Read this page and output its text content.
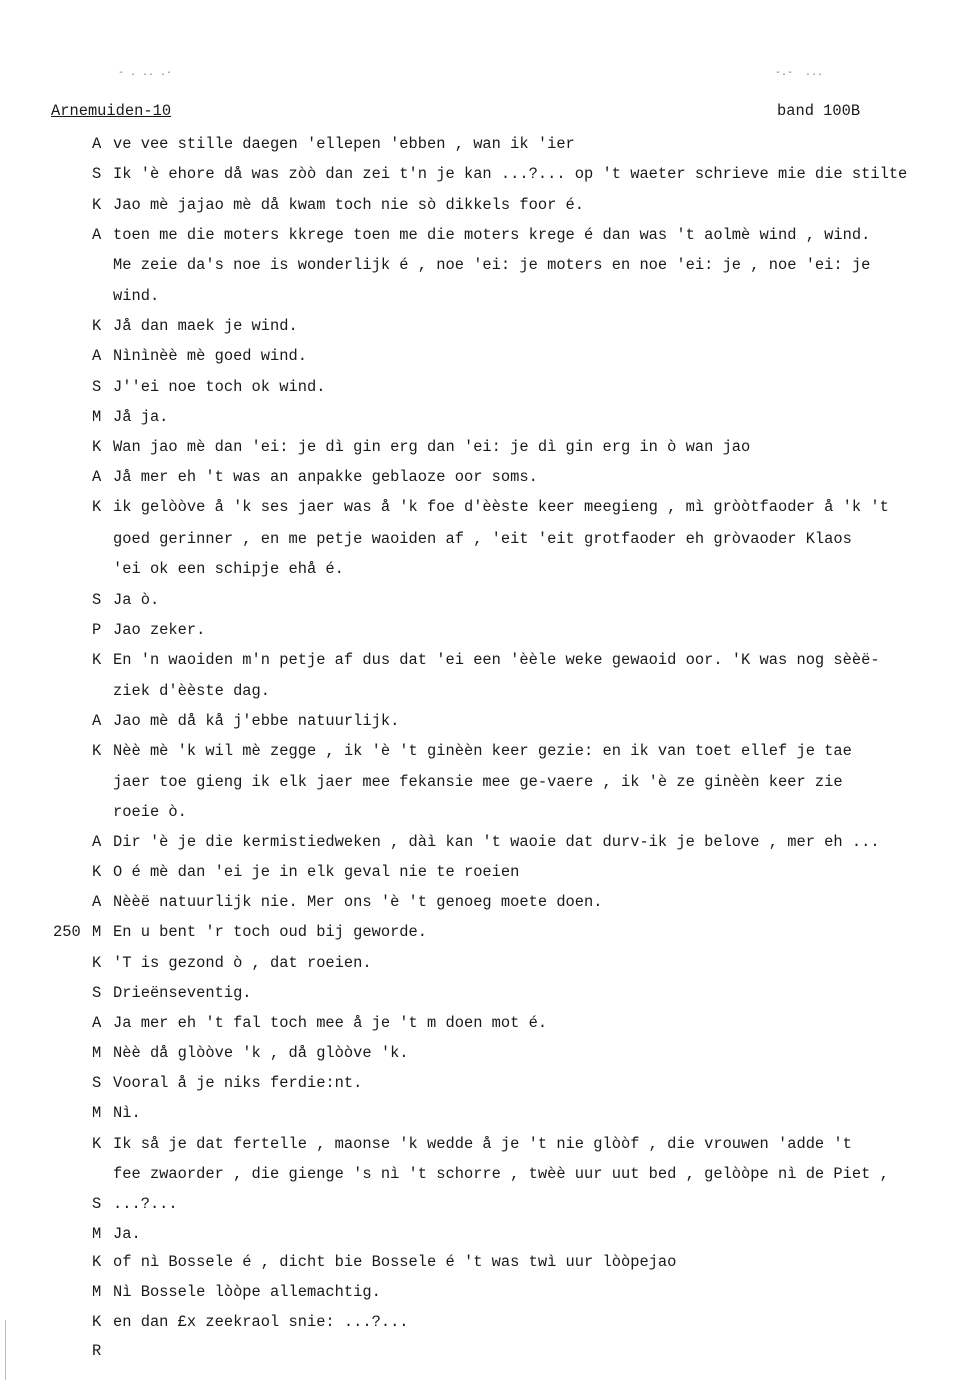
- . .. .·	-.-  ...
Arnemuiden-10	band 100B
A ve vee stille daegen 'ellepen 'ebben , wan ik 'ier
S Ik 'è ehore då was zòò dan zei t'n je kan ...?... op 't waeter schrieve mie die stilte
K Jao mè jajao mè då kwam toch nie sò dikkels foor é.
A toen me die moters kkrege toen me die moters krege é dan was 't aolmè wind , wind.
Me zeie da's noe is wonderlijk é , noe 'ei: je moters en noe 'ei: je , noe 'ei: je
wind.
K Jå dan maek je wind.
A Nìnìnèè mè goed wind.
S J''ei noe toch ok wind.
M Jå ja.
K Wan jao mè dan 'ei: je dì gin erg dan 'ei: je dì gin erg in ò wan jao
A Jå mer eh 't was an anpakke geblaoze oor soms.
K ik gelòòve å 'k ses jaer was å 'k foe d'èèste keer meegieng , mì gròòtfaoder å 'k 't
goed gerinner , en me petje waoiden af , 'eit 'eit grotfaoder eh gròvaoder Klaos
'ei ok een schipje ehå é.
S Ja ò.
P Jao zeker.
K En 'n waoiden m'n petje af dus dat 'ei een 'èèle weke gewaoid oor. 'K was nog sèèë-
ziek d'èèste dag.
A Jao mè då kå j'ebbe natuurlijk.
K Nèè mè 'k wil mè zegge , ik 'è 't ginèèn keer gezie: en ik van toet ellef je tae
jaer toe gieng ik elk jaer mee fekansie mee ge-vaere , ik 'è ze ginèèn keer zie
roeie ò.
A Dir 'è je die kermistiedweken , dàì kan 't waoie dat durv-ik je belove , mer eh ...
K O é mè dan 'ei je in elk geval nie te roeien
A Nèèë natuurlijk nie. Mer ons 'è 't genoeg moete doen.
250 M En u bent 'r toch oud bij geworde.
K 'T is gezond ò , dat roeien.
S Drieënseventig.
A Ja mer eh 't fal toch mee å je 't m doen mot é.
M Nèè då glòòve 'k , då glòòve 'k.
S Vooral å je niks ferdie:nt.
M Nì.
K Ik så je dat fertelle , maonse 'k wedde å je 't nie glòòf , die vrouwen 'adde 't
fee zwaorder , die gienge 's nì 't schorre , twèè uur uut bed , gelòòpe nì de Piet ,
S ...?...
M Ja.
K of nì Bossele é , dicht bie Bossele é 't was twì uur lòòpejao
M Nì Bossele lòòpe allemachtig.
K en dan £x zeekraol snie: ...?...
R
